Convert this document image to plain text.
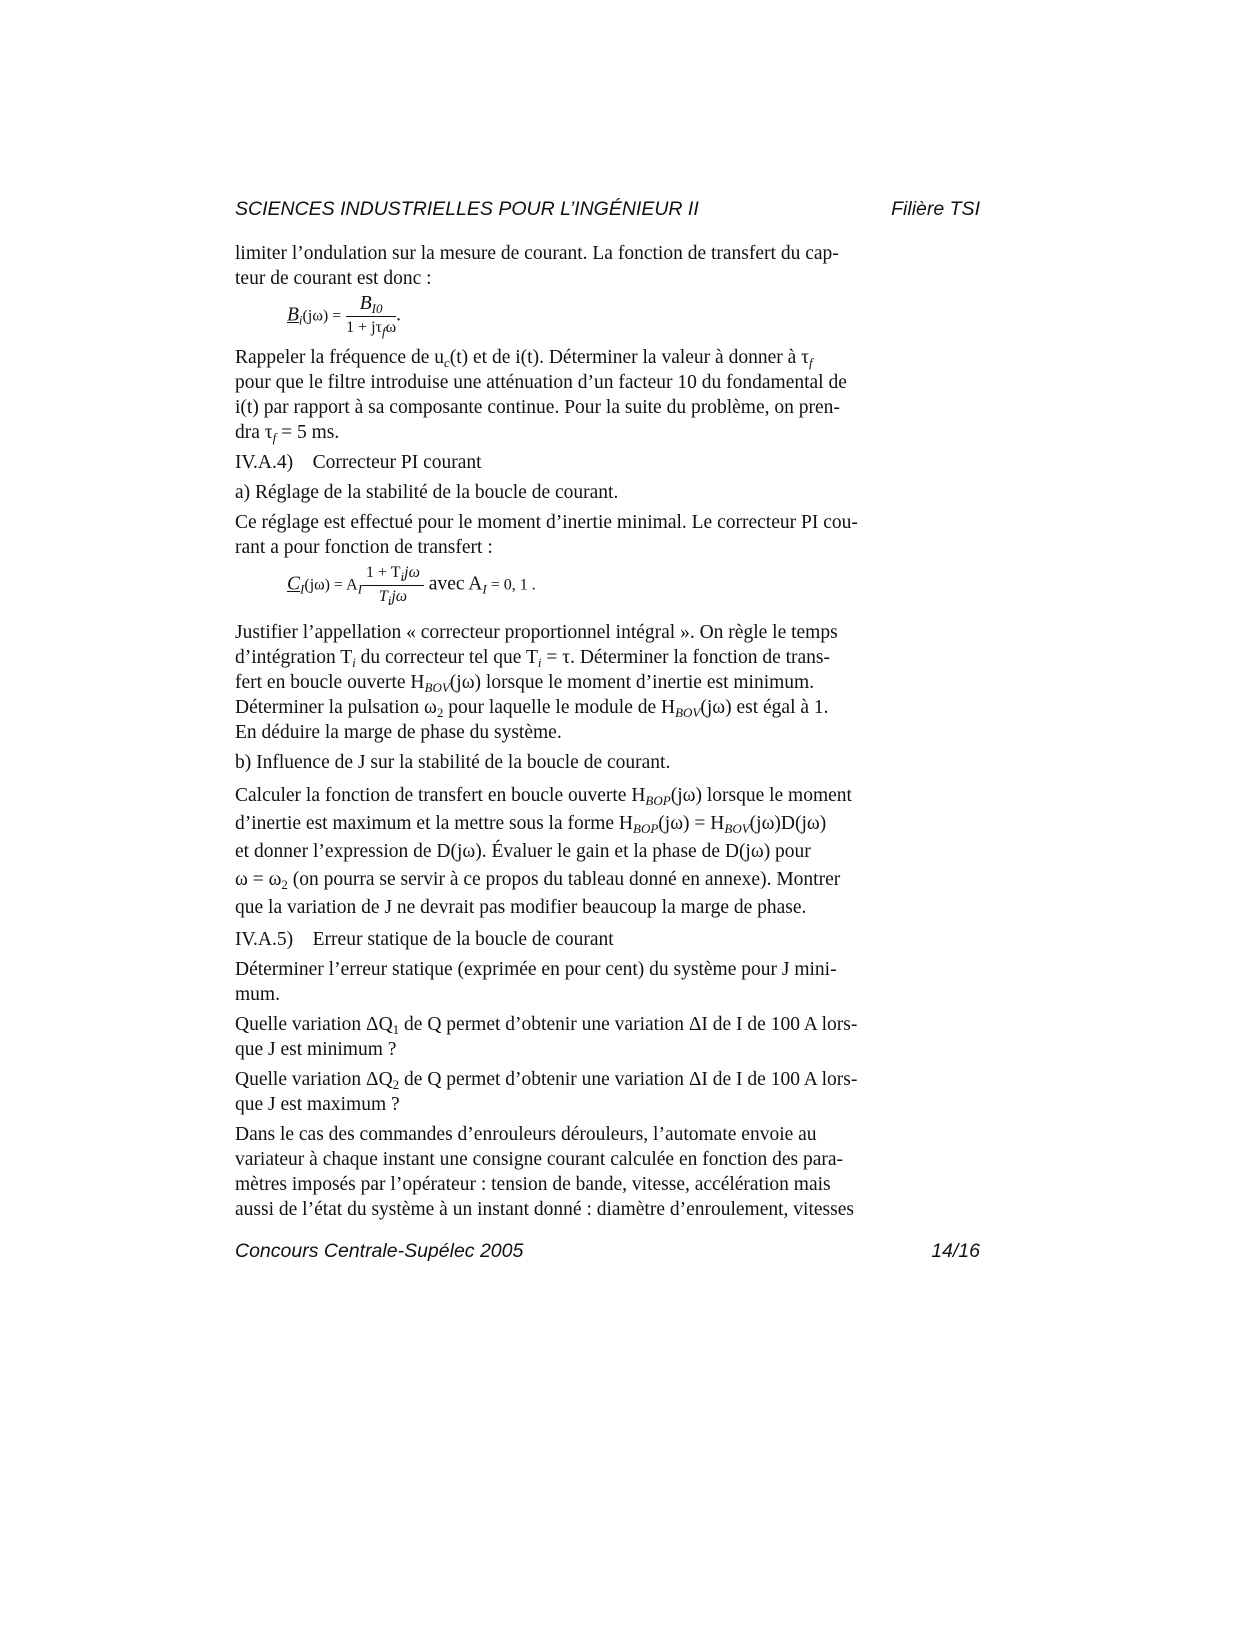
SCIENCES INDUSTRIELLES POUR L’INGÉNIEUR II	Filière TSI

limiter l’ondulation sur la mesure de courant. La fonction de transfert du cap-
teur de courant est donc :

$B_i(j\omega) = \frac{B_{I0}}{1 + j\tau_f\omega}$ .

Rappeler la fréquence de $u_c(t)$ et de i(t). Déterminer la valeur à donner à $\tau_f$
pour que le filtre introduise une atténuation d’un facteur 10 du fondamental de
i(t) par rapport à sa composante continue. Pour la suite du problème, on pren-
dra $\tau_f = 5$ ms.

IV.A.4) Correcteur PI courant

a) Réglage de la stabilité de la boucle de courant.

Ce réglage est effectué pour le moment d’inertie minimal. Le correcteur PI cou-
rant a pour fonction de transfert :

$C_I(j\omega) = A_I \frac{1 + T_ij\omega}{T_ij\omega}$ avec $A_I = 0$, 1 .

Justifier l’appellation « correcteur proportionnel intégral ». On règle le temps
d’intégration $T_i$ du correcteur tel que $T_i = \tau$. Déterminer la fonction de trans-
fert en boucle ouverte $H_{BOV}(j\omega)$ lorsque le moment d’inertie est minimum.
Déterminer la pulsation $\omega_2$ pour laquelle le module de $H_{BOV}(j\omega)$ est égal à 1.
En déduire la marge de phase du système.

b) Influence de J sur la stabilité de la boucle de courant.

Calculer la fonction de transfert en boucle ouverte $H_{BOP}(j\omega)$ lorsque le moment
d’inertie est maximum et la mettre sous la forme $H_{BOP}(j\omega) = H_{BOV}(j\omega)D(j\omega)$
et donner l’expression de D(jω). Évaluer le gain et la phase de D(jω) pour
$\omega = \omega_2$ (on pourra se servir à ce propos du tableau donné en annexe). Montrer
que la variation de J ne devrait pas modifier beaucoup la marge de phase.

IV.A.5) Erreur statique de la boucle de courant

Déterminer l’erreur statique (exprimée en pour cent) du système pour J mini-
mum.

Quelle variation $\Delta Q_1$ de Q permet d’obtenir une variation ΔI de I de 100 A lors-
que J est minimum ?

Quelle variation $\Delta Q_2$ de Q permet d’obtenir une variation ΔI de I de 100 A lors-
que J est maximum ?

Dans le cas des commandes d’enrouleurs dérouleurs, l’automate envoie au
variateur à chaque instant une consigne courant calculée en fonction des para-
mètres imposés par l’opérateur : tension de bande, vitesse, accélération mais
aussi de l’état du système à un instant donné : diamètre d’enroulement, vitesses

Concours Centrale-Supélec 2005	14/16
